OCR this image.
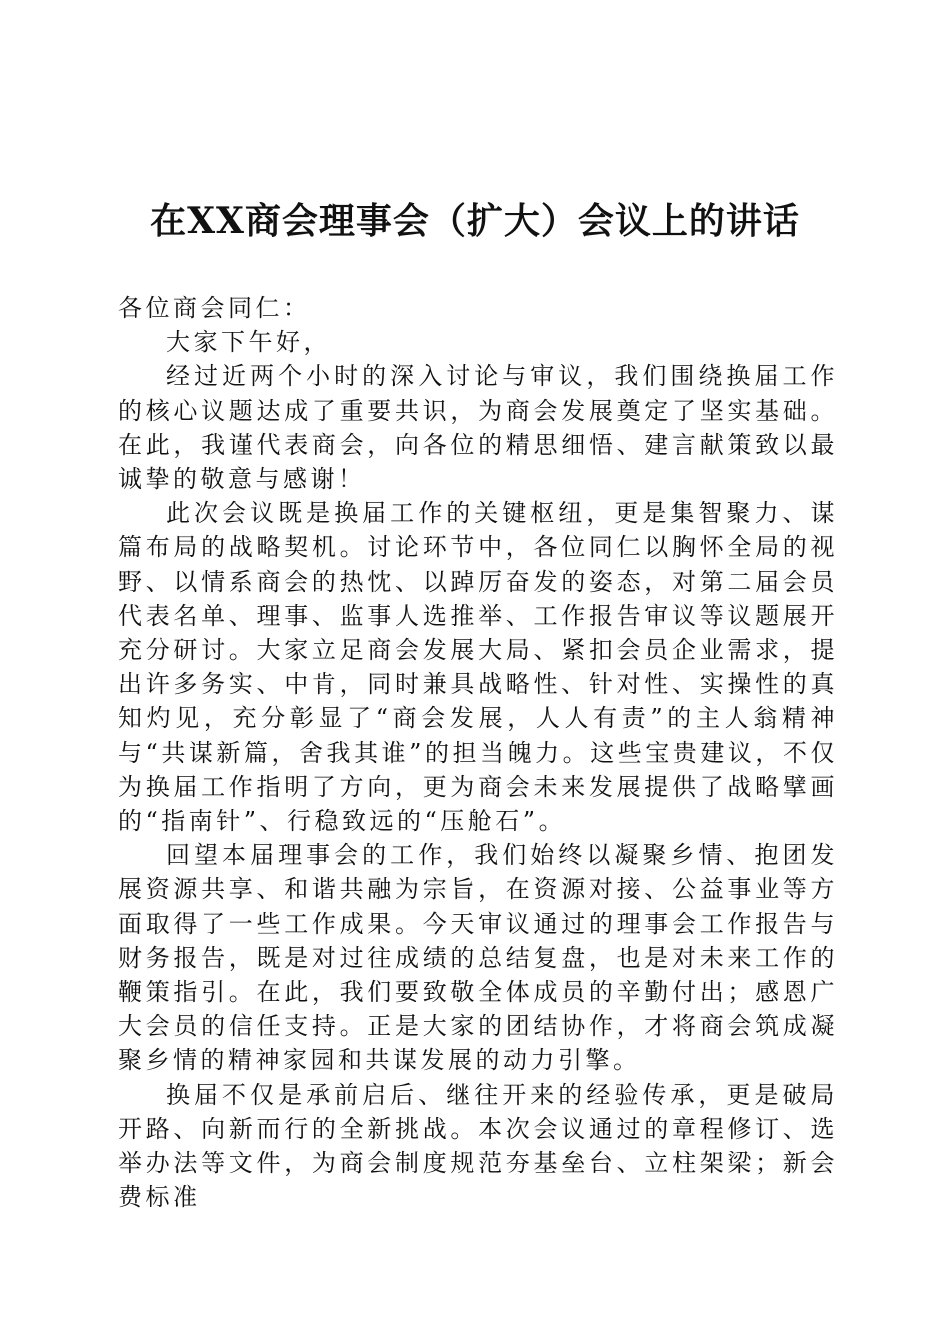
在XX商会理事会（扩大）会议上的讲话

各位商会同仁：

大家下午好，

经过近两个小时的深入讨论与审议，我们围绕换届工作的核心议题达成了重要共识，为商会发展奠定了坚实基础。在此，我谨代表商会，向各位的精思细悟、建言献策致以最诚挚的敬意与感谢！

此次会议既是换届工作的关键枢纽，更是集智聚力、谋篇布局的战略契机。讨论环节中，各位同仁以胸怀全局的视野、以情系商会的热忱、以踔厉奋发的姿态，对第二届会员代表名单、理事、监事人选推举、工作报告审议等议题展开充分研讨。大家立足商会发展大局、紧扣会员企业需求，提出许多务实、中肯，同时兼具战略性、针对性、实操性的真知灼见，充分彰显了“商会发展，人人有责”的主人翁精神与“共谋新篇，舍我其谁”的担当魄力。这些宝贵建议，不仅为换届工作指明了方向，更为商会未来发展提供了战略擘画的“指南针”、行稳致远的“压舱石”。

回望本届理事会的工作，我们始终以凝聚乡情、抱团发展资源共享、和谐共融为宗旨，在资源对接、公益事业等方面取得了一些工作成果。今天审议通过的理事会工作报告与财务报告，既是对过往成绩的总结复盘，也是对未来工作的鞭策指引。在此，我们要致敬全体成员的辛勤付出；感恩广大会员的信任支持。正是大家的团结协作，才将商会筑成凝聚乡情的精神家园和共谋发展的动力引擎。

换届不仅是承前启后、继往开来的经验传承，更是破局开路、向新而行的全新挑战。本次会议通过的章程修订、选举办法等文件，为商会制度规范夯基垒台、立柱架梁；新会费标准
